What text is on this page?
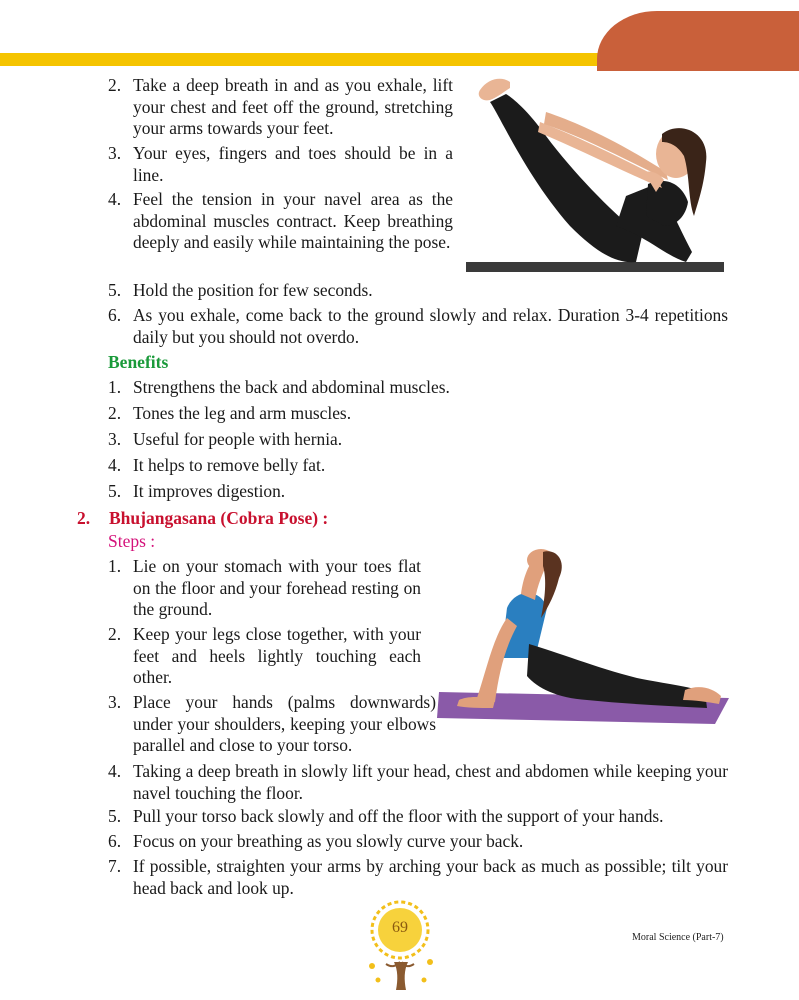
2. Take a deep breath in and as you exhale, lift your chest and feet off the ground, stretching your arms towards your feet.
3. Your eyes, fingers and toes should be in a line.
4. Feel the tension in your navel area as the abdominal muscles contract. Keep breathing deeply and easily while maintaining the pose.
5. Hold the position for few seconds.
6. As you exhale, come back to the ground slowly and relax. Duration 3-4 repetitions daily but you should not overdo.
Benefits
1. Strengthens the back and abdominal muscles.
2. Tones the leg and arm muscles.
3. Useful for people with hernia.
4. It helps to remove belly fat.
5. It improves digestion.
2. Bhujangasana (Cobra Pose) :
Steps :
1. Lie on your stomach with your toes flat on the floor and your forehead resting on the ground.
2. Keep your legs close together, with your feet and heels lightly touching each other.
3. Place your hands (palms downwards) under your shoulders, keeping your elbows parallel and close to your torso.
4. Taking a deep breath in slowly lift your head, chest and abdomen while keeping your navel touching the floor.
5. Pull your torso back slowly and off the floor with the support of your hands.
6. Focus on your breathing as you slowly curve your back.
7. If possible, straighten your arms by arching your back as much as possible; tilt your head back and look up.
69
Moral Science (Part-7)
